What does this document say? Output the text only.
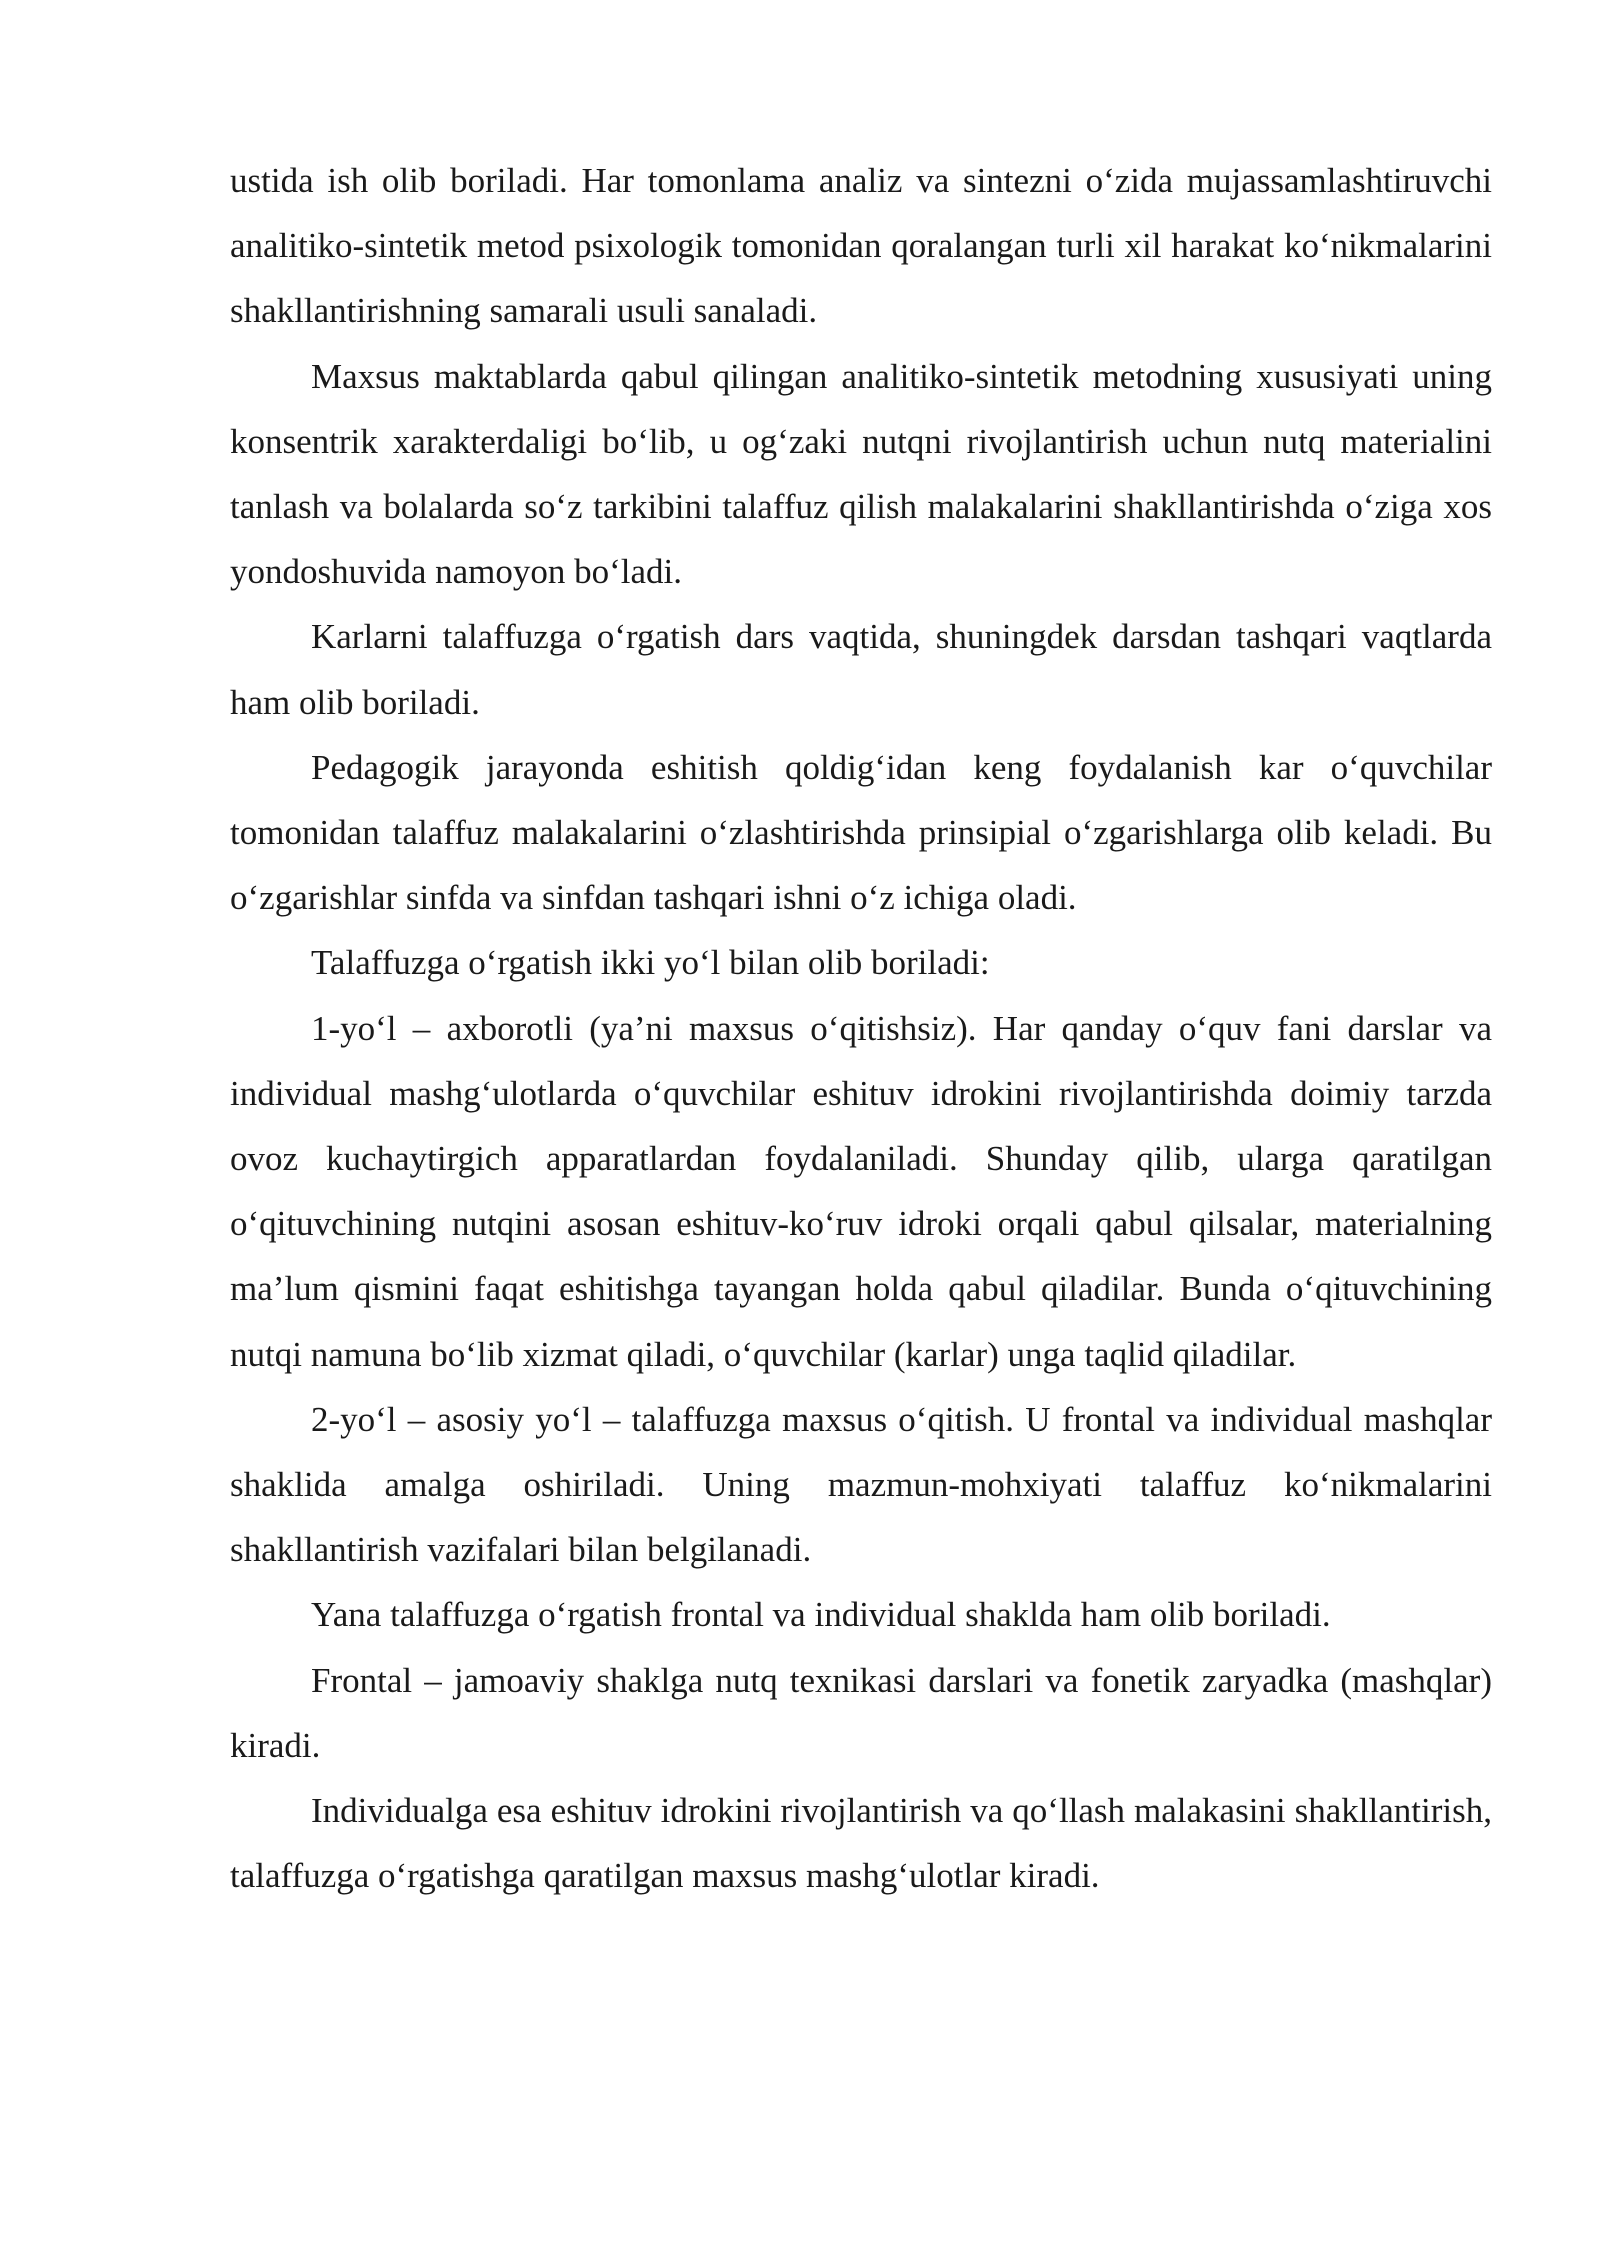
ustida ish olib boriladi. Har tomonlama analiz va sintezni o‘zida mujassamlashtiruvchi analitiko-sintetik metod psixologik tomonidan qoralangan turli xil harakat ko‘nikmalarini shakllantirishning samarali usuli sanaladi.

Maxsus maktablarda qabul qilingan analitiko-sintetik metodning xususiyati uning konsentrik xarakterdaligi bo‘lib, u og‘zaki nutqni rivojlantirish uchun nutq materialini tanlash va bolalarda so‘z tarkibini talaffuz qilish malakalarini shakllantirishda o‘ziga xos yondoshuvida namoyon bo‘ladi.

Karlarni talaffuzga o‘rgatish dars vaqtida, shuningdek darsdan tashqari vaqtlarda ham olib boriladi.

Pedagogik jarayonda eshitish qoldig‘idan keng foydalanish kar o‘quvchilar tomonidan talaffuz malakalarini o‘zlashtirishda prinsipial o‘zgarishlarga olib keladi. Bu o‘zgarishlar sinfda va sinfdan tashqari ishni o‘z ichiga oladi.

Talaffuzga o‘rgatish ikki yo‘l bilan olib boriladi:

1-yo‘l – axborotli (ya’ni maxsus o‘qitishsiz). Har qanday o‘quv fani darslar va individual mashg‘ulotlarda o‘quvchilar eshituv idrokini rivojlantirishda doimiy tarzda ovoz kuchaytirgich apparatlardan foydalaniladi. Shunday qilib, ularga qaratilgan o‘qituvchining nutqini asosan eshituv-ko‘ruv idroki orqali qabul qilsalar, materialning ma’lum qismini faqat eshitishga tayangan holda qabul qiladilar. Bunda o‘qituvchining nutqi namuna bo‘lib xizmat qiladi, o‘quvchilar (karlar) unga taqlid qiladilar.

2-yo‘l – asosiy yo‘l – talaffuzga maxsus o‘qitish. U frontal va individual mashqlar shaklida amalga oshiriladi. Uning mazmun-mohxiyati talaffuz ko‘nikmalarini shakllantirish vazifalari bilan belgilanadi.

Yana talaffuzga o‘rgatish frontal va individual shaklda ham olib boriladi.

Frontal – jamoaviy shaklga nutq texnikasi darslari va fonetik zaryadka (mashqlar) kiradi.

Individualga esa eshituv idrokini rivojlantirish va qo‘llash malakasini shakllantirish, talaffuzga o‘rgatishga qaratilgan maxsus mashg‘ulotlar kiradi.
